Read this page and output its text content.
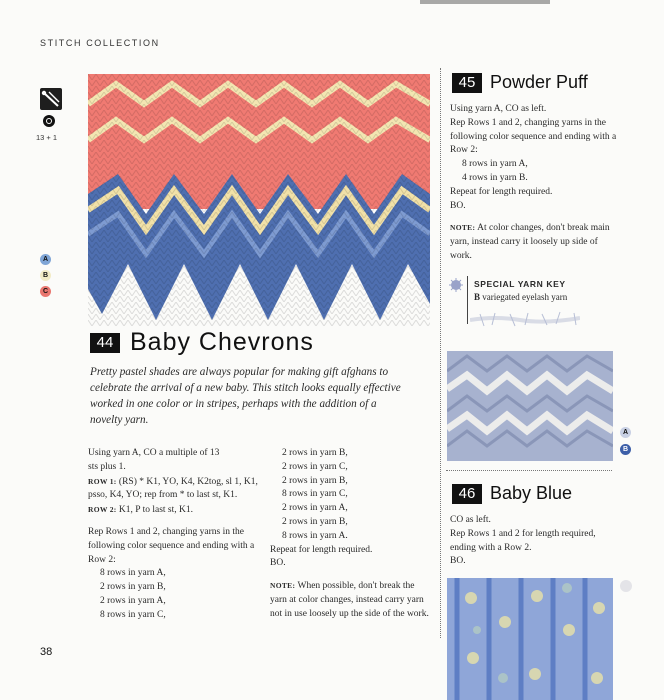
STITCH COLLECTION
13 + 1
A
B
C
44 Baby Chevrons
Pretty pastel shades are always popular for making gift afghans to celebrate the arrival of a new baby. This stitch looks equally effective worked in one color or in stripes, perhaps with the addition of a novelty yarn.

Using yarn A, CO a multiple of 13

sts plus 1.

ROW 1: (RS) * K1, YO, K4, K2tog, sl 1, K1, psso, K4, YO; rep from * to last st, K1.

ROW 2: K1, P to last st, K1.

Rep Rows 1 and 2, changing yarns in the following color sequence and ending with a Row 2:

8 rows in yarn A,

2 rows in yarn B,

2 rows in yarn A,

8 rows in yarn C,

2 rows in yarn B,

2 rows in yarn C,

2 rows in yarn B,

8 rows in yarn C,

2 rows in yarn A,

2 rows in yarn B,

8 rows in yarn A.

Repeat for length required.

BO.

NOTE: When possible, don't break the yarn at color changes, instead carry yarn not in use loosely up the side of the work.

45 Powder Puff

Using yarn A, CO as left.

Rep Rows 1 and 2, changing yarns in the following color sequence and ending with a Row 2:

8 rows in yarn A,

4 rows in yarn B.

Repeat for length required.

BO.

NOTE: At color changes, don't break main yarn, instead carry it loosely up side of work.

SPECIAL YARN KEY
B variegated eyelash yarn
A
B
46 Baby Blue

CO as left.

Rep Rows 1 and 2 for length required, ending with a Row 2.

BO.

38
